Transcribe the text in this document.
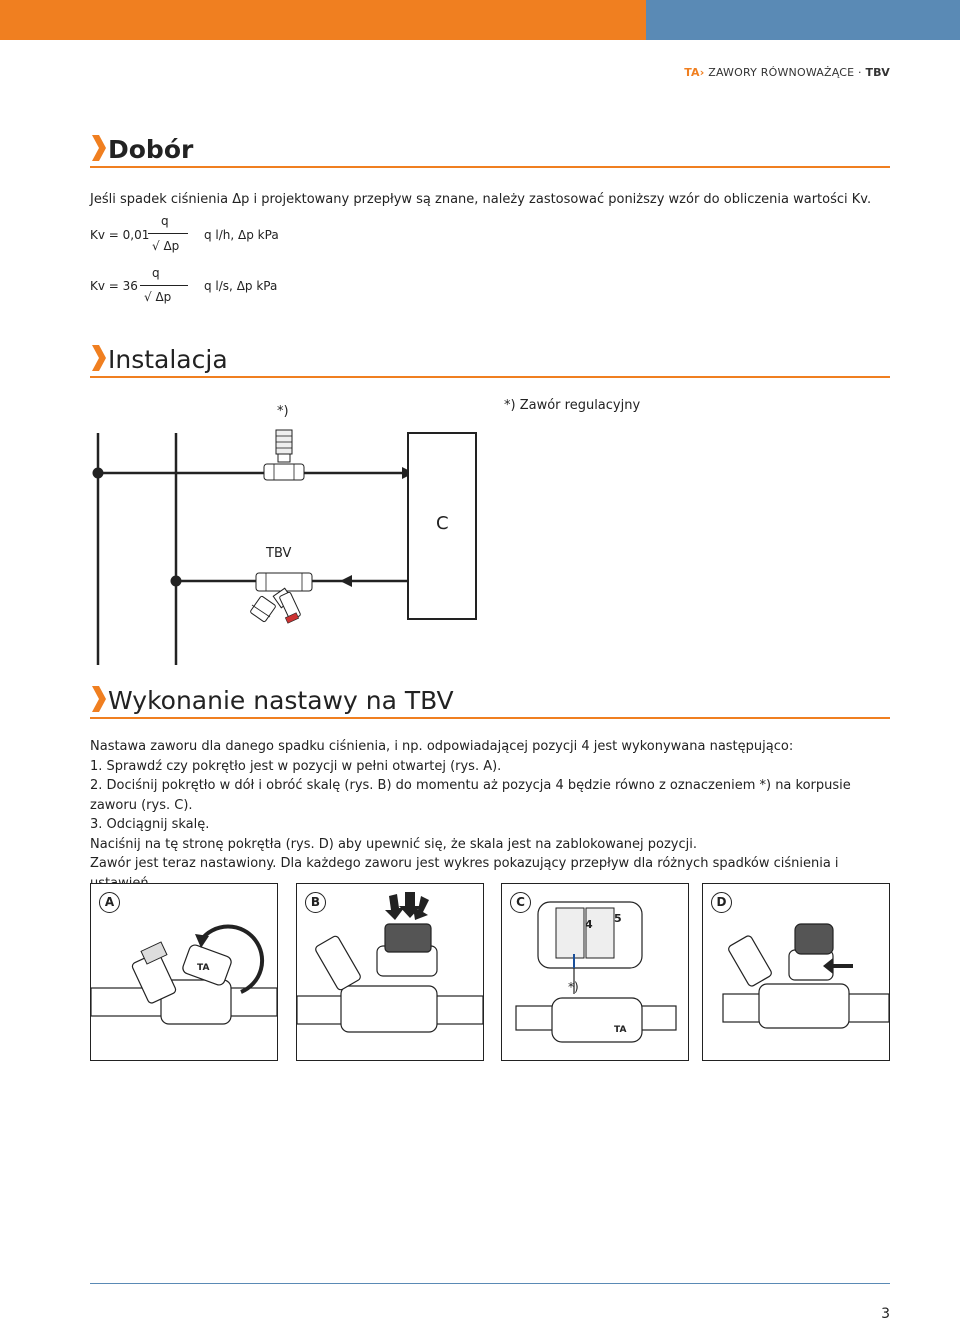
TA› ZAWORY RÓWNOWAŻĄCE · TBV
Dobór
Jeśli spadek ciśnienia Δp i projektowany przepływ są znane, należy zastosować poniższy wzór do obliczenia wartości Kv.
Kv = 0,01
q
√ Δp
q l/h, Δp kPa
Kv = 36
q
√ Δp
q l/s, Δp kPa
Instalacja
*)	*) Zawór regulacyjny
C
TBV
Wykonanie nastawy na TBV
Nastawa zaworu dla danego spadku ciśnienia, i np. odpowiadającej pozycji 4 jest wykonywana następująco:
1. Sprawdź czy pokrętło jest w pozycji w pełni otwartej (rys. A).
2. Dociśnij pokrętło w dół i obróć skalę (rys. B) do momentu aż pozycja 4 będzie równo z oznaczeniem *) na korpusie zaworu (rys. C).
3. Odciągnij skalę.
Naciśnij na tę stronę pokrętła (rys. D) aby upewnić się, że skala jest na zablokowanej pozycji.
Zawór jest teraz nastawiony. Dla każdego zaworu jest wykres pokazujący przepływ dla różnych spadków ciśnienia i
A
TA
B	C
TA
4 5
*)
D
3
